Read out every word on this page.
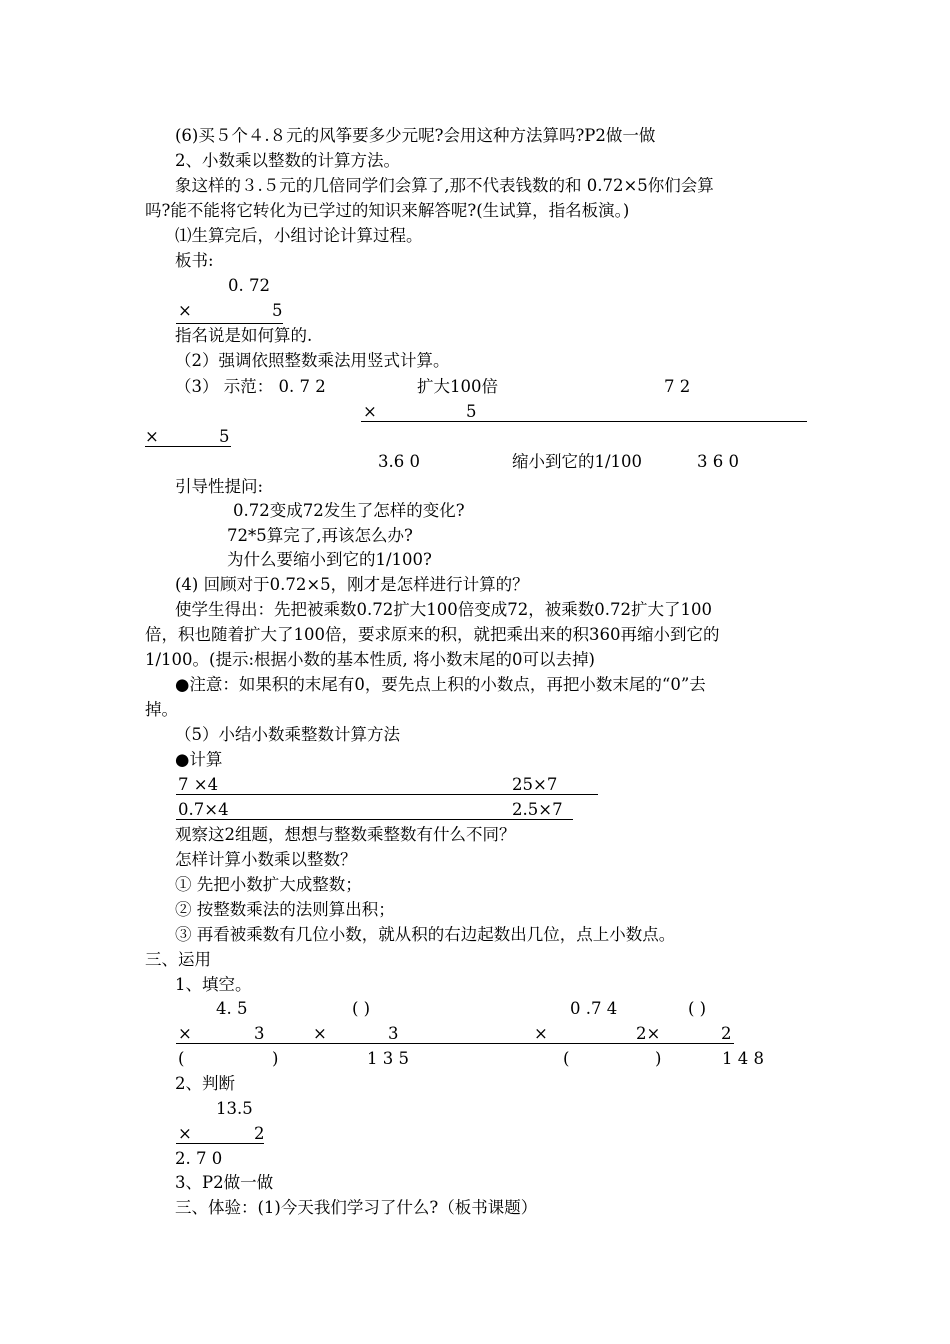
(6)买５个４.８元的风筝要多少元呢?会用这种方法算吗?P2做一做
2、小数乘以整数的计算方法。
象这样的３.５元的几倍同学们会算了,那不代表钱数的和 0.72×5你们会算
吗?能不能将它转化为已学过的知识来解答呢?(生试算，指名板演。)
⑴生算完后，小组讨论计算过程。
板书:
0. 72
×	5
指名说是如何算的.
（2）强调依照整数乘法用竖式计算。
（3） 示范： 0. 7 2	扩大100倍	7 2
×	5
×	5
3.6 0	缩小到它的1/100	3 6 0
引导性提问:
0.72变成72发生了怎样的变化?
72*5算完了,再该怎么办?
为什么要缩小到它的1/100?
(4) 回顾对于0.72×5，刚才是怎样进行计算的？
使学生得出：先把被乘数0.72扩大100倍变成72，被乘数0.72扩大了100
倍，积也随着扩大了100倍，要求原来的积，就把乘出来的积360再缩小到它的
1/100。(提示:根据小数的基本性质, 将小数末尾的0可以去掉)
●注意：如果积的末尾有0，要先点上积的小数点，再把小数末尾的“0”去
掉。
（5）小结小数乘整数计算方法
●计算
7 ×4	25×7
0.7×4	2.5×7
观察这2组题，想想与整数乘整数有什么不同？
怎样计算小数乘以整数？
① 先把小数扩大成整数；
② 按整数乘法的法则算出积；
③ 再看被乘数有几位小数，就从积的右边起数出几位，点上小数点。
三、运用
1、填空。
4. 5	( )	0 .7 4	( )
×	3	×	3	×	2×	2
(	)	1 3 5	(	)	1 4 8
2、判断
13.5
×	2
2. 7 0
3、P2做一做
三、体验：(1)今天我们学习了什么?（板书课题）
